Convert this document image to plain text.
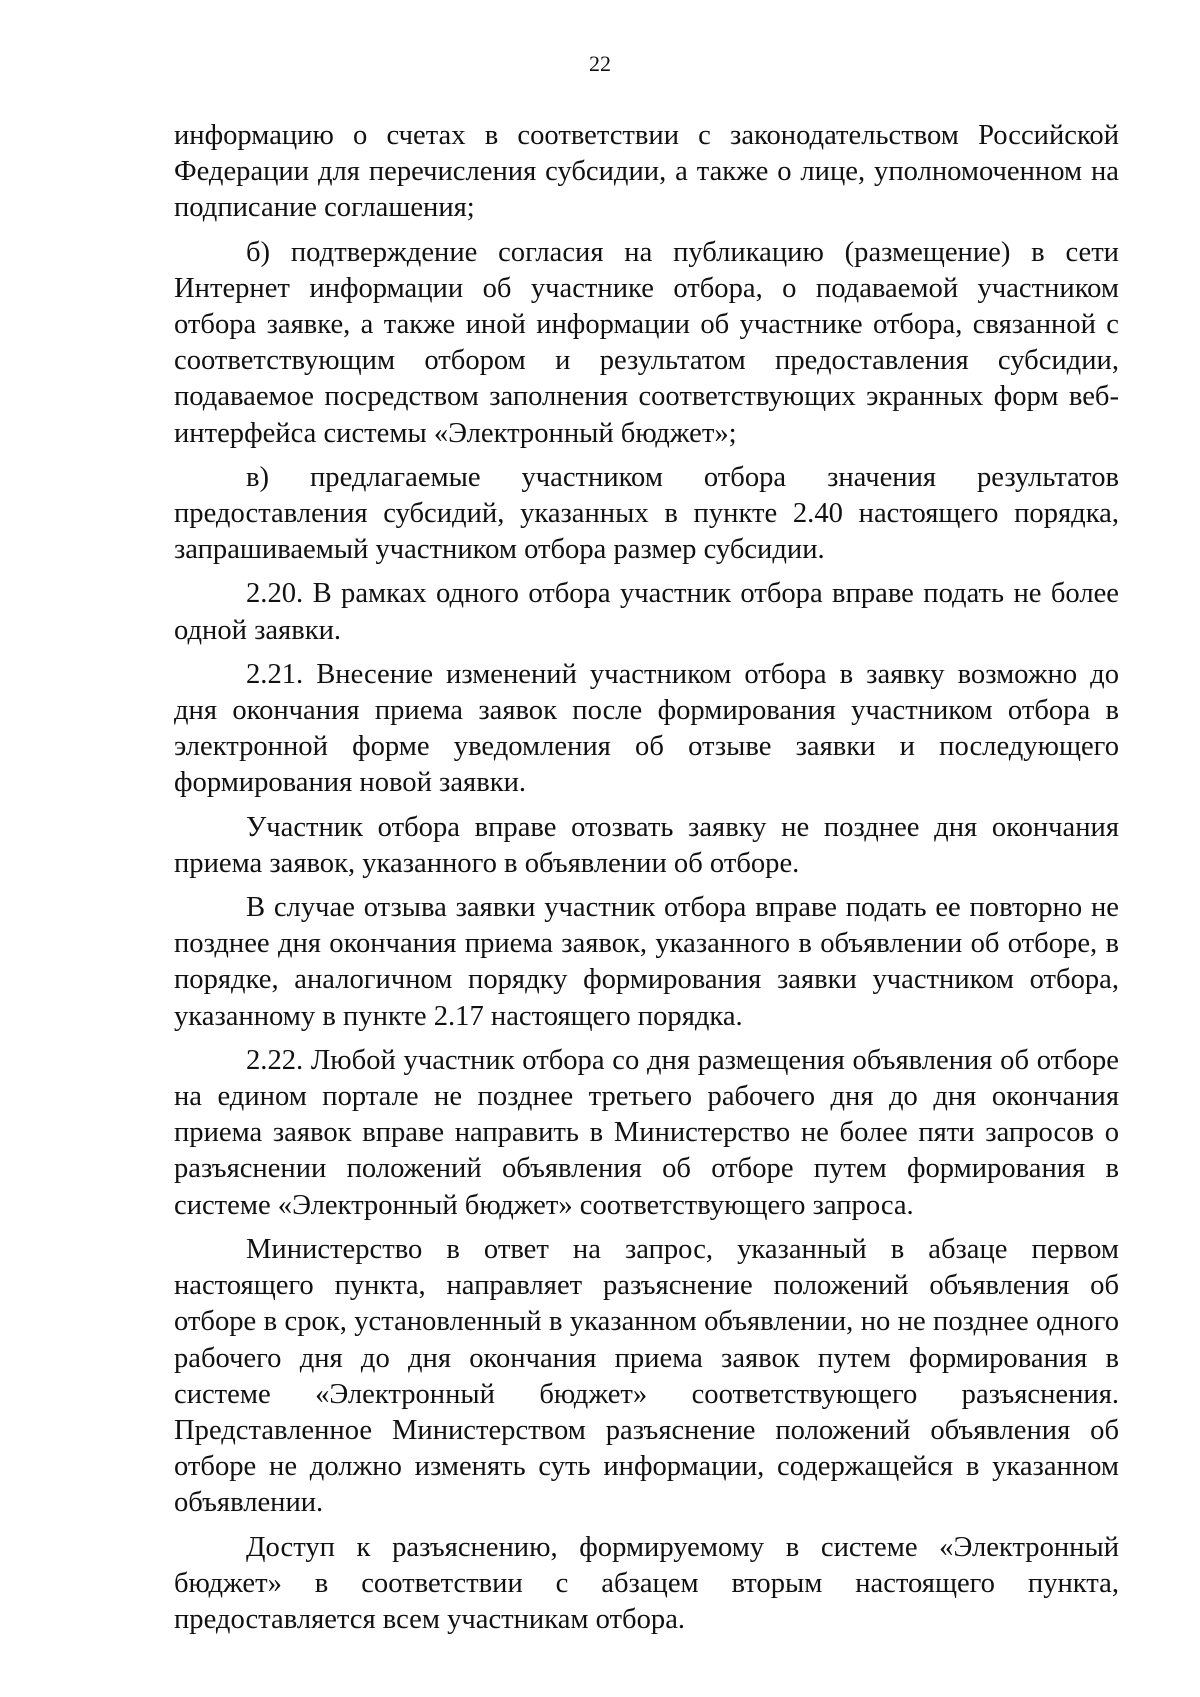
22

информацию о счетах в соответствии с законодательством Российской Федерации для перечисления субсидии, а также о лице, уполномоченном на подписание соглашения;

б) подтверждение согласия на публикацию (размещение) в сети Интернет информации об участнике отбора, о подаваемой участником отбора заявке, а также иной информации об участнике отбора, связанной с соответствующим отбором и результатом предоставления субсидии, подаваемое посредством заполнения соответствующих экранных форм веб-интерфейса системы «Электронный бюджет»;

в) предлагаемые участником отбора значения результатов предоставления субсидий, указанных в пункте 2.40 настоящего порядка, запрашиваемый участником отбора размер субсидии.

2.20. В рамках одного отбора участник отбора вправе подать не более одной заявки.

2.21. Внесение изменений участником отбора в заявку возможно до дня окончания приема заявок после формирования участником отбора в электронной форме уведомления об отзыве заявки и последующего формирования новой заявки.

Участник отбора вправе отозвать заявку не позднее дня окончания приема заявок, указанного в объявлении об отборе.

В случае отзыва заявки участник отбора вправе подать ее повторно не позднее дня окончания приема заявок, указанного в объявлении об отборе, в порядке, аналогичном порядку формирования заявки участником отбора, указанному в пункте 2.17 настоящего порядка.

2.22. Любой участник отбора со дня размещения объявления об отборе на едином портале не позднее третьего рабочего дня до дня окончания приема заявок вправе направить в Министерство не более пяти запросов о разъяснении положений объявления об отборе путем формирования в системе «Электронный бюджет» соответствующего запроса.

Министерство в ответ на запрос, указанный в абзаце первом настоящего пункта, направляет разъяснение положений объявления об отборе в срок, установленный в указанном объявлении, но не позднее одного рабочего дня до дня окончания приема заявок путем формирования в системе «Электронный бюджет» соответствующего разъяснения. Представленное Министерством разъяснение положений объявления об отборе не должно изменять суть информации, содержащейся в указанном объявлении.

Доступ к разъяснению, формируемому в системе «Электронный бюджет» в соответствии с абзацем вторым настоящего пункта, предоставляется всем участникам отбора.
